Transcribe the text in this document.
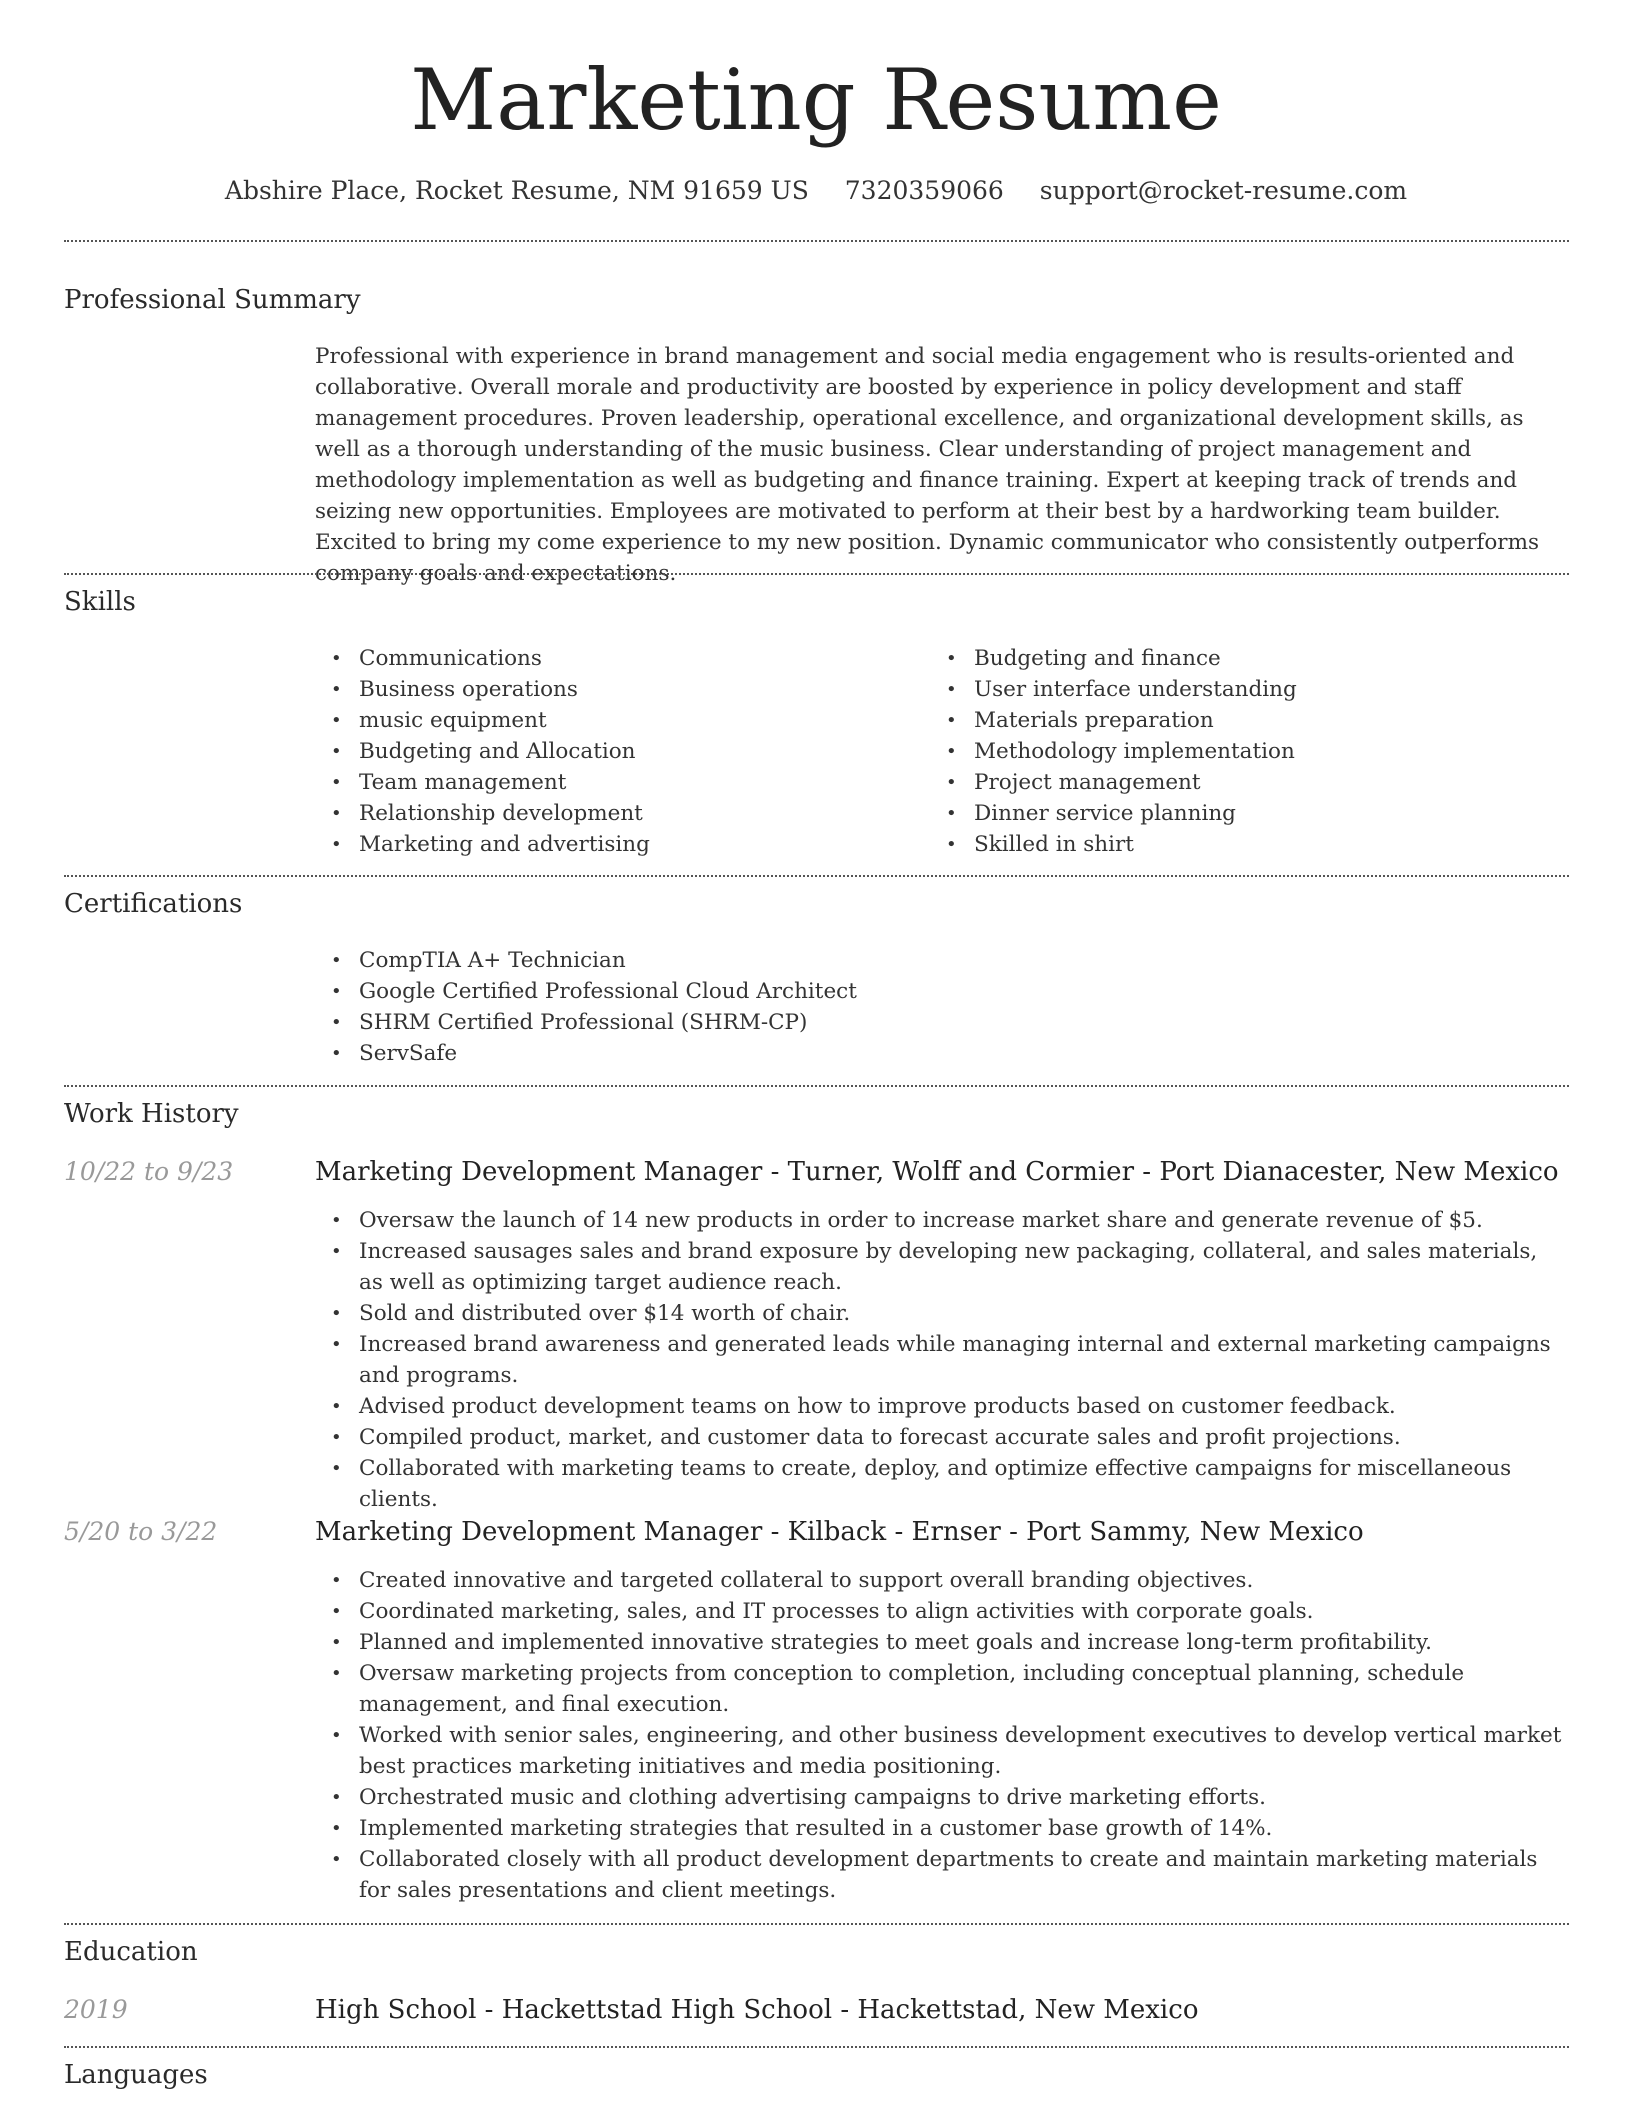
Marketing Resume
Abshire Place, Rocket Resume, NM 91659 US 7320359066 support@rocket-resume.com
Professional Summary

Professional with experience in brand management and social media engagement who is results-oriented and collaborative. Overall morale and productivity are boosted by experience in policy development and staff management procedures. Proven leadership, operational excellence, and organizational development skills, as well as a thorough understanding of the music business. Clear understanding of project management and methodology implementation as well as budgeting and finance training. Expert at keeping track of trends and seizing new opportunities. Employees are motivated to perform at their best by a hardworking team builder. Excited to bring my come experience to my new position. Dynamic communicator who consistently outperforms company goals and expectations.

Skills
• Communications
• Business operations
• music equipment
• Budgeting and Allocation
• Team management
• Relationship development
• Marketing and advertising
• Budgeting and finance
• User interface understanding
• Materials preparation
• Methodology implementation
• Project management
• Dinner service planning
• Skilled in shirt
Certifications
• CompTIA A+ Technician
• Google Certified Professional Cloud Architect
• SHRM Certified Professional (SHRM-CP)
• ServSafe
Work History
10/22 to 9/23	Marketing Development Manager - Turner, Wolff and Cormier - Port Dianacester, New Mexico
• Oversaw the launch of 14 new products in order to increase market share and generate revenue of $5.
• Increased sausages sales and brand exposure by developing new packaging, collateral, and sales materials, as well as optimizing target audience reach.
• Sold and distributed over $14 worth of chair.
• Increased brand awareness and generated leads while managing internal and external marketing campaigns and programs.
• Advised product development teams on how to improve products based on customer feedback.
• Compiled product, market, and customer data to forecast accurate sales and profit projections.
• Collaborated with marketing teams to create, deploy, and optimize effective campaigns for miscellaneous clients.
5/20 to 3/22	Marketing Development Manager - Kilback - Ernser - Port Sammy, New Mexico
• Created innovative and targeted collateral to support overall branding objectives.
• Coordinated marketing, sales, and IT processes to align activities with corporate goals.
• Planned and implemented innovative strategies to meet goals and increase long-term profitability.
• Oversaw marketing projects from conception to completion, including conceptual planning, schedule management, and final execution.
• Worked with senior sales, engineering, and other business development executives to develop vertical market best practices marketing initiatives and media positioning.
• Orchestrated music and clothing advertising campaigns to drive marketing efforts.
• Implemented marketing strategies that resulted in a customer base growth of 14%.
• Collaborated closely with all product development departments to create and maintain marketing materials for sales presentations and client meetings.
Education
2019	High School - Hackettstad High School - Hackettstad, New Mexico
Languages
